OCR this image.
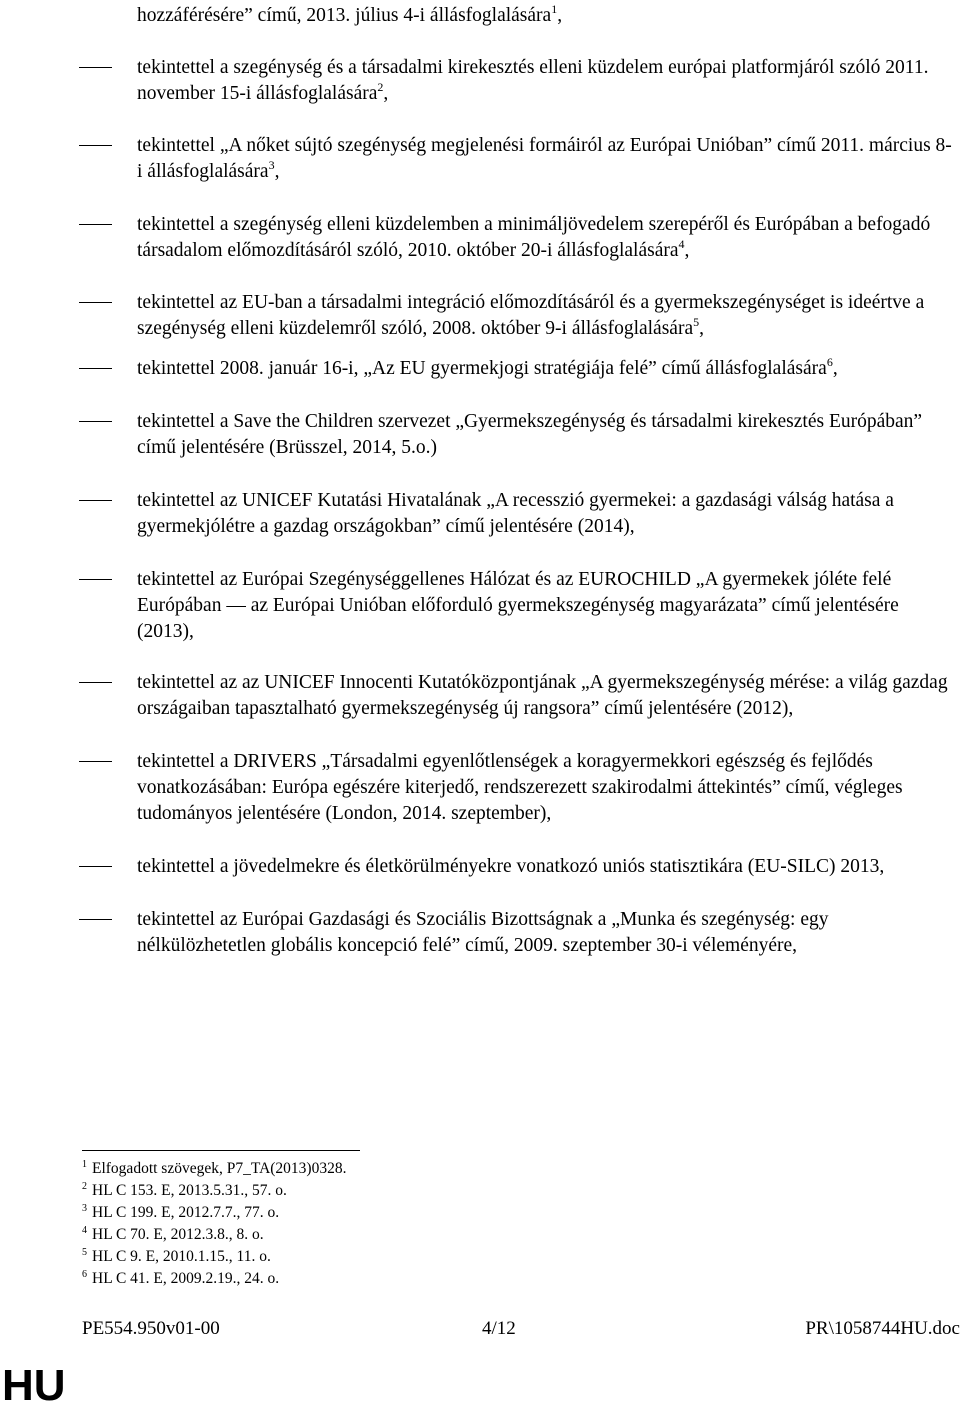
hozzáférésére” című, 2013. július 4-i állásfoglalására$^1$,
tekintettel a szegénység és a társadalmi kirekesztés elleni küzdelem európai platformjáról szóló 2011. november 15-i állásfoglalására$^2$,
tekintettel „A nőket sújtó szegénység megjelenési formáiról az Európai Unióban” című 2011. március 8-i állásfoglalására$^3$,
tekintettel a szegénység elleni küzdelemben a minimáljövedelem szerepéről és Európában a befogadó társadalom előmozdításáról szóló, 2010. október 20-i állásfoglalására$^4$,
tekintettel az EU-ban a társadalmi integráció előmozdításáról és a gyermekszegénységet is ideértve a szegénység elleni küzdelemről szóló, 2008. október 9-i állásfoglalására$^5$,
tekintettel 2008. január 16-i, „Az EU gyermekjogi stratégiája felé” című állásfoglalására$^6$,
tekintettel a Save the Children szervezet „Gyermekszegénység és társadalmi kirekesztés Európában” című jelentésére (Brüsszel, 2014, 5.o.)
tekintettel az UNICEF Kutatási Hivatalának „A recesszió gyermekei: a gazdasági válság hatása a gyermekjólétre a gazdag országokban” című jelentésére (2014),
tekintettel az Európai Szegénységgellenes Hálózat és az EUROCHILD „A gyermekek jóléte felé Európában ― az Európai Unióban előforduló gyermekszegénység magyarázata” című jelentésére (2013),
tekintettel az az UNICEF Innocenti Kutatóközpontjának „A gyermekszegénység mérése: a világ gazdag országaiban tapasztalható gyermekszegénység új rangsora” című jelentésére (2012),
tekintettel a DRIVERS „Társadalmi egyenlőtlenségek a koragyermekkori egészség és fejlődés vonatkozásában: Európa egészére kiterjedő, rendszerezett szakirodalmi áttekintés” című, végleges tudományos jelentésére (London, 2014. szeptember),
tekintettel a jövedelmekre és életkörülményekre vonatkozó uniós statisztikára (EU-SILC) 2013,
tekintettel az Európai Gazdasági és Szociális Bizottságnak a „Munka és szegénység: egy nélkülözhetetlen globális koncepció felé” című, 2009. szeptember 30-i véleményére,
$^1$ Elfogadott szövegek, P7_TA(2013)0328.
$^2$ HL C 153. E, 2013.5.31., 57. o.
$^3$ HL C 199. E, 2012.7.7., 77. o.
$^4$ HL C 70. E, 2012.3.8., 8. o.
$^5$ HL C 9. E, 2010.1.15., 11. o.
$^6$ HL C 41. E, 2009.2.19., 24. o.
PE554.950v01-00	4/12	PR\1058744HU.doc
HU
